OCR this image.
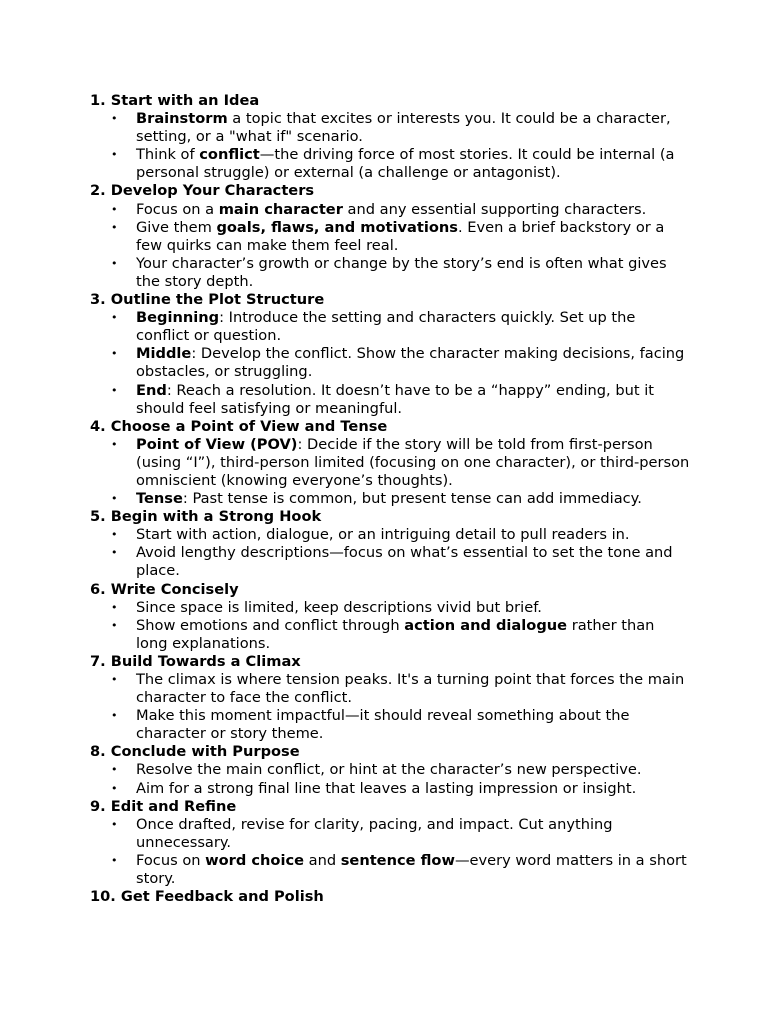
1. Start with an Idea
• Brainstorm a topic that excites or interests you. It could be a character, setting, or a "what if" scenario.
• Think of conflict—the driving force of most stories. It could be internal (a personal struggle) or external (a challenge or antagonist).
2. Develop Your Characters
• Focus on a main character and any essential supporting characters.
• Give them goals, flaws, and motivations. Even a brief backstory or a few quirks can make them feel real.
• Your character’s growth or change by the story’s end is often what gives the story depth.
3. Outline the Plot Structure
• Beginning: Introduce the setting and characters quickly. Set up the conflict or question.
• Middle: Develop the conflict. Show the character making decisions, facing obstacles, or struggling.
• End: Reach a resolution. It doesn’t have to be a “happy” ending, but it should feel satisfying or meaningful.
4. Choose a Point of View and Tense
• Point of View (POV): Decide if the story will be told from first-person (using “I”), third-person limited (focusing on one character), or third-person omniscient (knowing everyone’s thoughts).
• Tense: Past tense is common, but present tense can add immediacy.
5. Begin with a Strong Hook
• Start with action, dialogue, or an intriguing detail to pull readers in.
• Avoid lengthy descriptions—focus on what’s essential to set the tone and place.
6. Write Concisely
• Since space is limited, keep descriptions vivid but brief.
• Show emotions and conflict through action and dialogue rather than long explanations.
7. Build Towards a Climax
• The climax is where tension peaks. It's a turning point that forces the main character to face the conflict.
• Make this moment impactful—it should reveal something about the character or story theme.
8. Conclude with Purpose
• Resolve the main conflict, or hint at the character’s new perspective.
• Aim for a strong final line that leaves a lasting impression or insight.
9. Edit and Refine
• Once drafted, revise for clarity, pacing, and impact. Cut anything unnecessary.
• Focus on word choice and sentence flow—every word matters in a short story.
10. Get Feedback and Polish
